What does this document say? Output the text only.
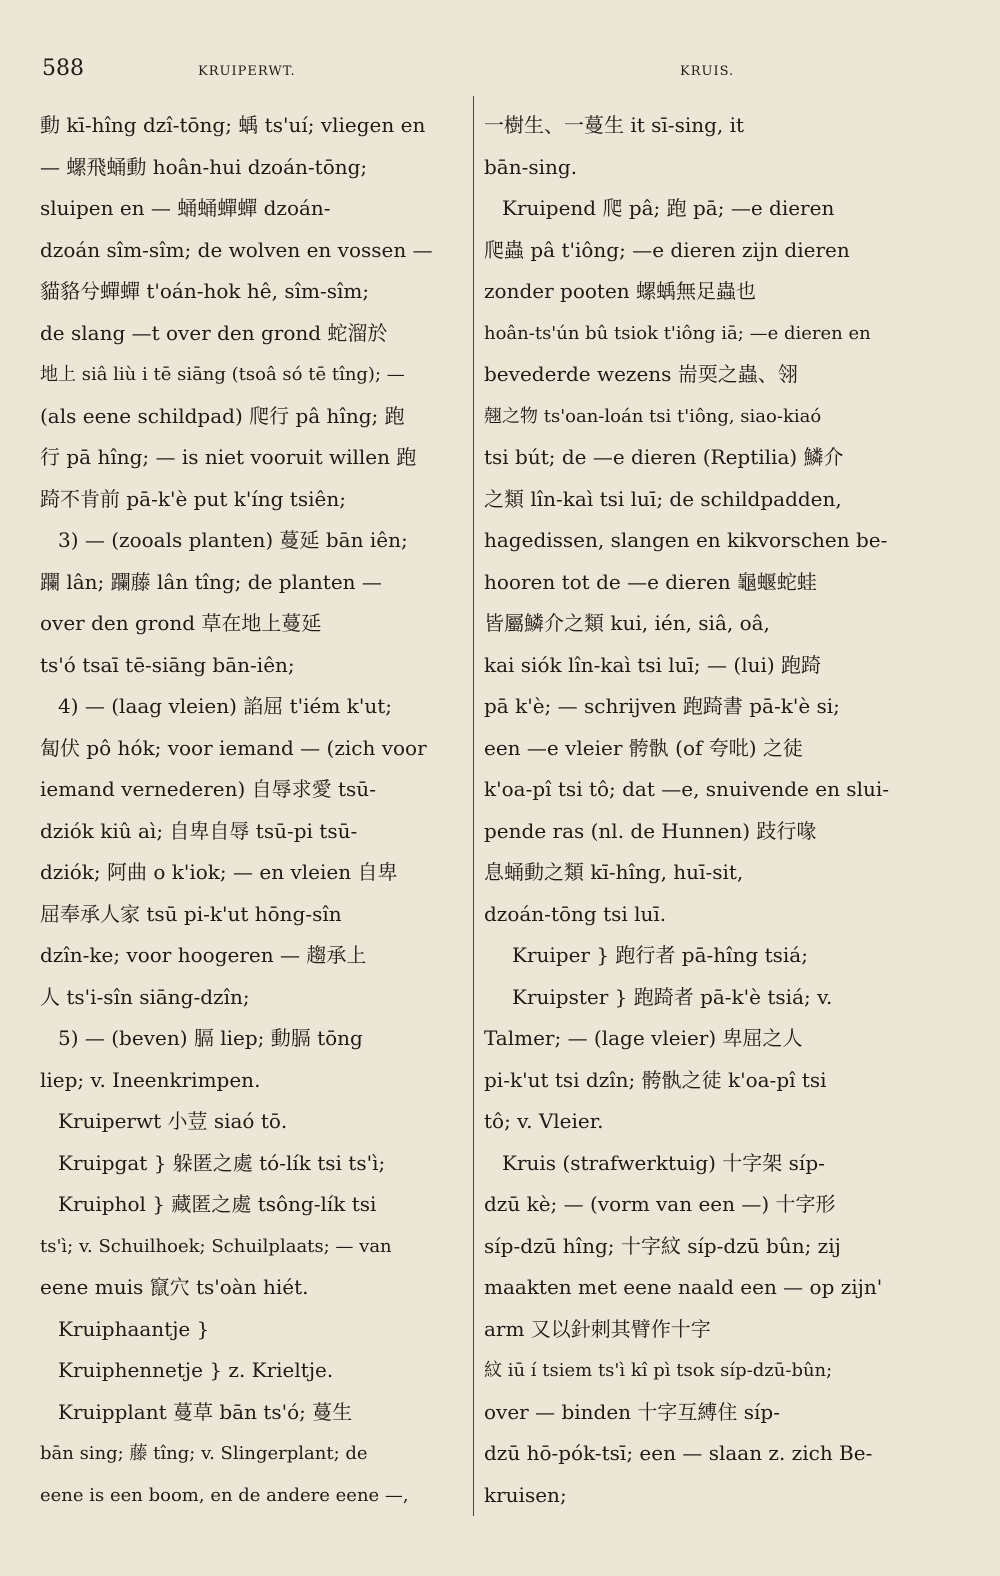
588	KRUIPERWT.	KRUIS.
動 kī-hîng dzî-tōng; 蝺 ts'uí; vliegen en
— 螺飛蛹動 hoân-hui dzoán-tōng;
sluipen en — 蛹蛹蟬蟬 dzoán-
dzoán sîm-sîm; de wolven en vossen —
貓貉兮蟬蟬 t'oán-hok hê, sîm-sîm;
de slang —t over den grond 蛇溜於
地上 siâ liù i tē siāng (tsoâ só tē tîng); —
(als eene schildpad) 爬行 pâ hîng; 跑
行 pā hîng; — is niet vooruit willen 跑
踦不肯前 pā-k'è put k'íng tsiên;
3) — (zooals planten) 蔓延 bān iên;
躝 lân; 躝藤 lân tîng; de planten —
over den grond 草在地上蔓延
ts'ó tsaī tē-siāng bān-iên;
4) — (laag vleien) 諂屈 t'iém k'ut;
匐伏 pô hók; voor iemand — (zich voor
iemand vernederen) 自辱求愛 tsū-
dziók kiû aì; 自卑自辱 tsū-pi tsū-
dziók; 阿曲 o k'iok; — en vleien 自卑
屈奉承人家 tsū pi-k'ut hōng-sîn
dzîn-ke; voor hoogeren — 趨承上
人 ts'i-sîn siāng-dzîn;
5) — (beven) 膈 liep; 動膈 tōng
liep; v. Ineenkrimpen.
Kruiperwt 小荳 siaó tō.
Kruipgat } 躲匿之處 tó-lík tsi ts'ì;
Kruiphol } 藏匿之處 tsông-lík tsi
ts'ì; v. Schuilhoek; Schuilplaats; — van
eene muis 竄穴 ts'oàn hiét.
Kruiphaantje }
Kruiphennetje } z. Krieltje.
Kruipplant 蔓草 bān ts'ó; 蔓生
bān sing; 藤 tîng; v. Slingerplant; de
eene is een boom, en de andere eene —,
一樹生、一蔓生 it sī-sing, it
bān-sing.
Kruipend 爬 pâ; 跑 pā; —e dieren
爬蟲 pâ t'iông; —e dieren zijn dieren
zonder pooten 螺蝺無足蟲也
hoân-ts'ún bû tsiok t'iông iā; —e dieren en
bevederde wezens 耑耎之蟲、翎
翹之物 ts'oan-loán tsi t'iông, siao-kiaó
tsi bút; de —e dieren (Reptilia) 鱗介
之類 lîn-kaì tsi luī; de schildpadden,
hagedissen, slangen en kikvorschen be-
hooren tot de —e dieren 龜蝘蛇蛙
皆屬鱗介之類 kui, ién, siâ, oâ,
kai siók lîn-kaì tsi luī; — (lui) 跑踦
pā k'è; — schrijven 跑踦書 pā-k'è si;
een —e vleier 骻骫 (of 夸吡) 之徒
k'oa-pî tsi tô; dat —e, snuivende en slui-
pende ras (nl. de Hunnen) 跂行喙
息蛹動之類 kī-hîng, huī-sit,
dzoán-tōng tsi luī.
Kruiper } 跑行者 pā-hîng tsiá;
Kruipster } 跑踦者 pā-k'è tsiá; v.
Talmer; — (lage vleier) 卑屈之人
pi-k'ut tsi dzîn; 骻骫之徒 k'oa-pî tsi
tô; v. Vleier.
Kruis (strafwerktuig) 十字架 síp-
dzū kè; — (vorm van een —) 十字形
síp-dzū hîng; 十字紋 síp-dzū bûn; zij
maakten met eene naald een — op zijn'
arm 又以針刺其臂作十字
紋 iū í tsiem ts'ì kî pì tsok síp-dzū-bûn;
over — binden 十字互縛住 síp-
dzū hō-pók-tsī; een — slaan z. zich Be-
kruisen;
